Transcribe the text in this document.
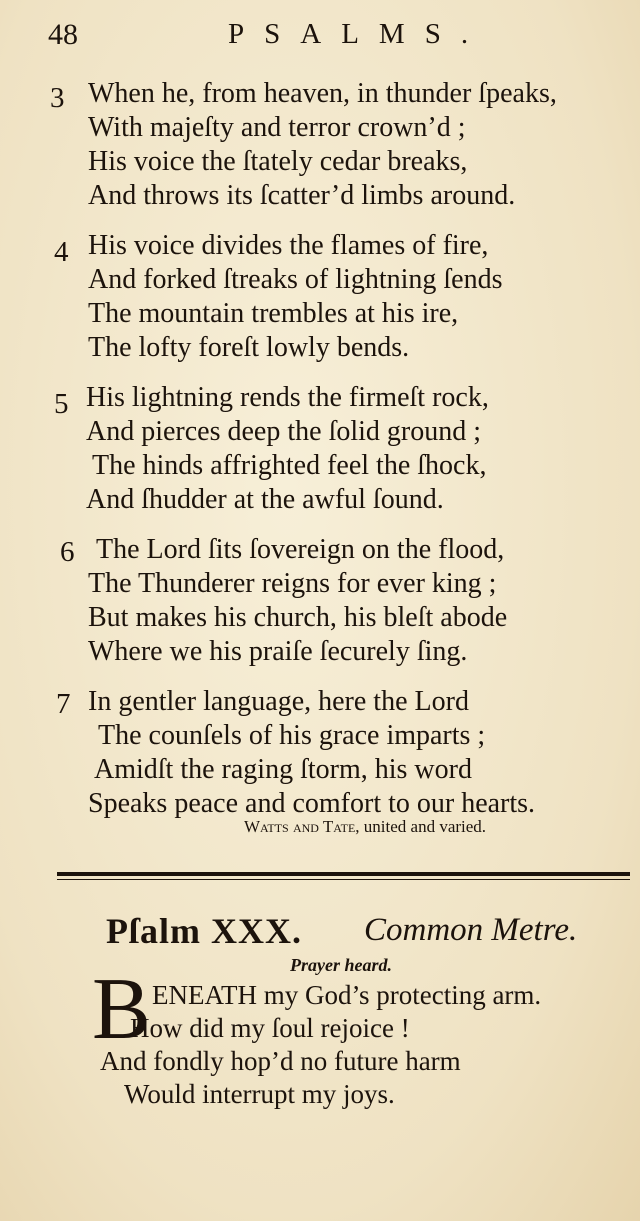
48	PSALMS.
3 When he, from heaven, in thunder ſpeaks,
With majeſty and terror crown’d ;
His voice the ſtately cedar breaks,
And throws its ſcatter’d limbs around.
4 His voice divides the flames of fire,
And forked ſtreaks of lightning ſends
The mountain trembles at his ire,
The lofty foreſt lowly bends.
5 His lightning rends the firmeſt rock,
And pierces deep the ſolid ground ;
The hinds affrighted feel the ſhock,
And ſhudder at the awful ſound.
6 The Lord ſits ſovereign on the flood,
The Thunderer reigns for ever king ;
But makes his church, his bleſt abode
Where we his praiſe ſecurely ſing.
7 In gentler language, here the Lord
The counſels of his grace imparts ;
Amidſt the raging ſtorm, his word
Speaks peace and comfort to our hearts.
Watts and Tate, united and varied.
Pſalm XXX. Common Metre.
Prayer heard.
B ENEATH my God’s protecting arm.
How did my ſoul rejoice !
And fondly hop’d no future harm
Would interrupt my joys.
